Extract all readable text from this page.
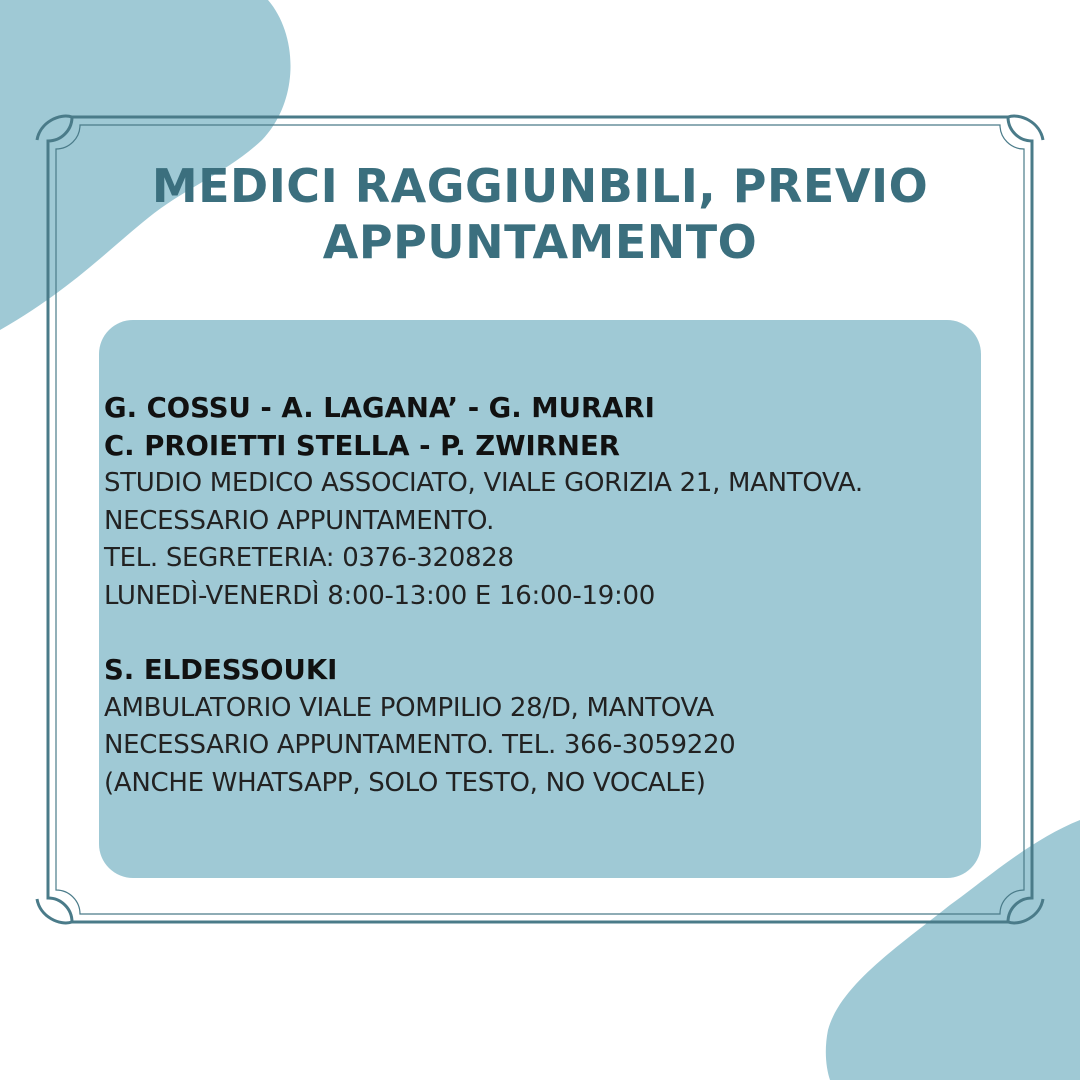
MEDICI RAGGIUNBILI, PREVIO
APPUNTAMENTO
G. COSSU - A. LAGANA’ - G. MURARI
C. PROIETTI STELLA - P. ZWIRNER
STUDIO MEDICO ASSOCIATO, VIALE GORIZIA 21, MANTOVA.
NECESSARIO APPUNTAMENTO.
TEL. SEGRETERIA: 0376-320828
LUNEDÌ-VENERDÌ 8:00-13:00 E 16:00-19:00
S. ELDESSOUKI
AMBULATORIO VIALE POMPILIO 28/D, MANTOVA
NECESSARIO APPUNTAMENTO. TEL. 366-3059220
(ANCHE WHATSAPP, SOLO TESTO, NO VOCALE)
